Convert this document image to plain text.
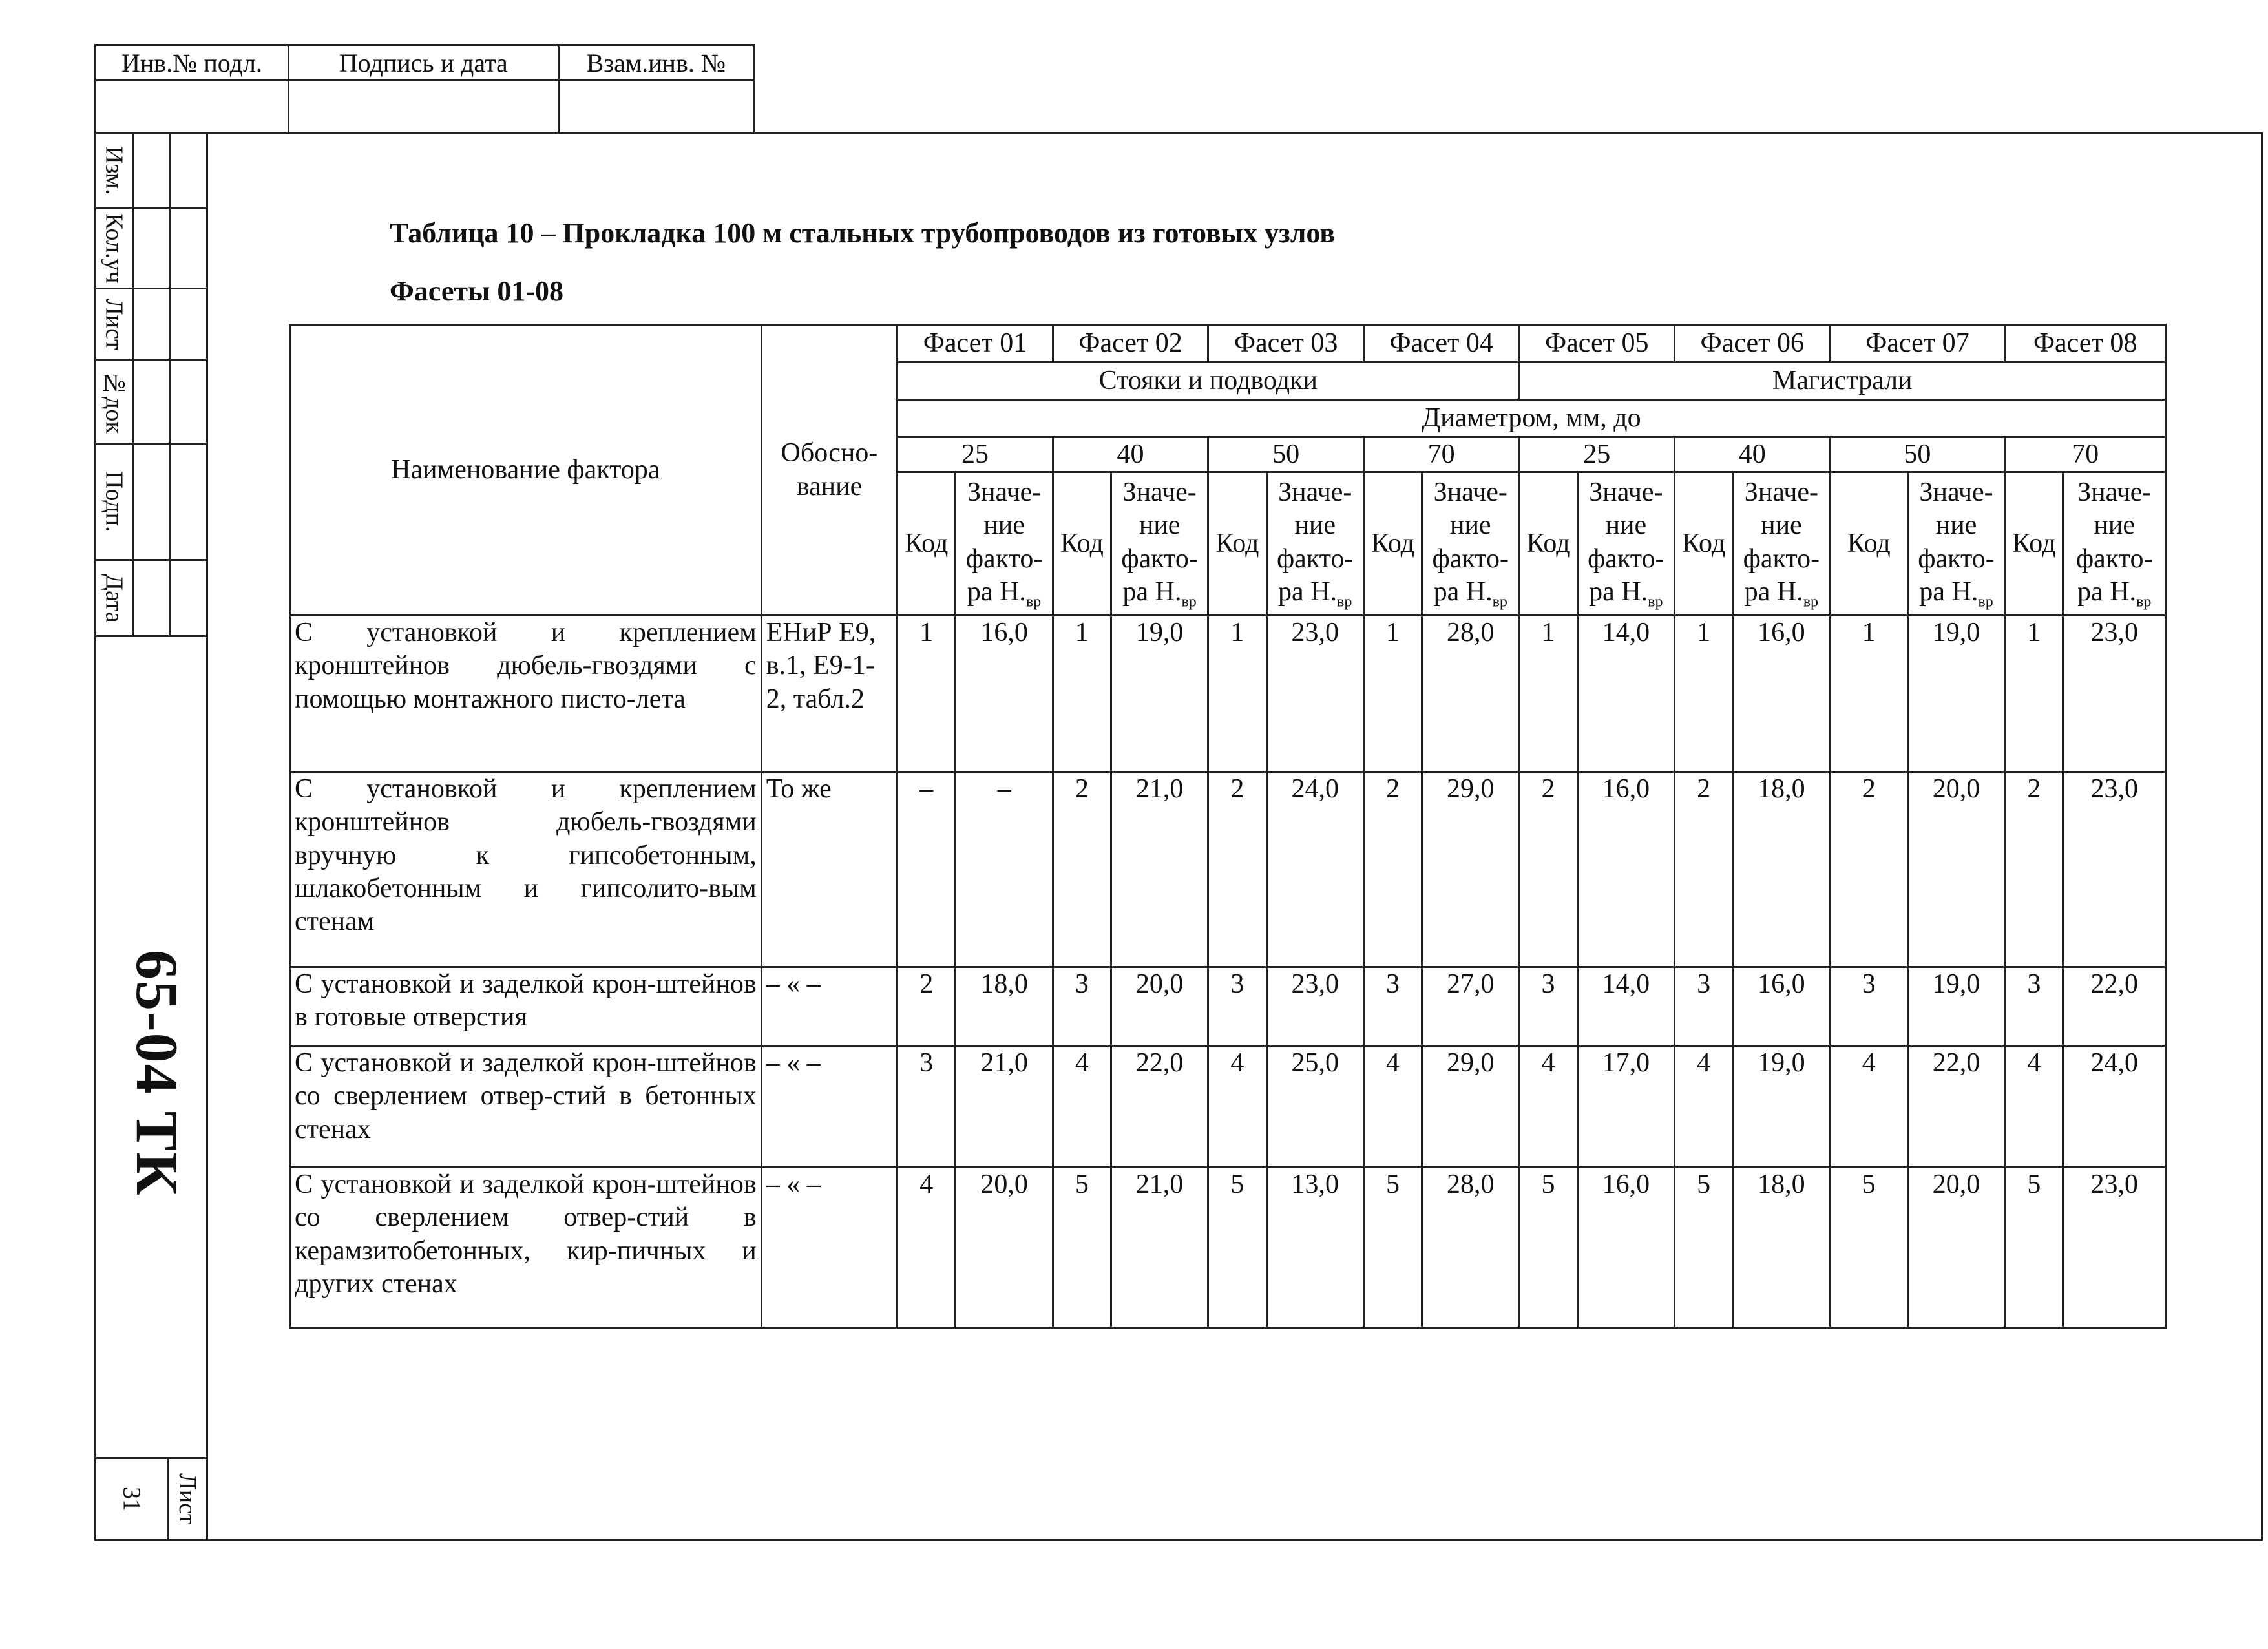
Инв.№ подл.	Подпись и дата	Взам.инв. №

Изм.		

Кол.уч		

Лист		

№док		

Подп.		

Дата		

65-04 ТК
31	Лист
Таблица 10 – Прокладка 100 м стальных трубопроводов из готовых узлов
Фасеты 01-08
Наименование фактора	Обосно-вание	Фасет 01		Фасет 02		Фасет 03		Фасет 04		Фасет 05		Фасет 06		Фасет 07		Фасет 08	
		Стояки и подводки								Магистрали							
		Диаметром, мм, до															
		25		40		50		70		25		40		50		70	
		Код	Значе-ние факто-ра $Н._{вр}$	Код	Значе-ние факто-ра $Н._{вр}$	Код	Значе-ние факто-ра $Н._{вр}$	Код	Значе-ние факто-ра $Н._{вр}$	Код	Значе-ние факто-ра $Н._{вр}$	Код	Значе-ние факто-ра $Н._{вр}$	Код	Значе-ние факто-ра $Н._{вр}$	Код	Значе-ние факто-ра $Н._{вр}$
С установкой и креплением кронштейнов дюбель-гвоздями с помощью монтажного писто-лета	ЕНиР Е9, в.1, Е9-1-2, табл.2	1	16,0	1	19,0	1	23,0	1	28,0	1	14,0	1	16,0	1	19,0	1	23,0
С установкой и креплением кронштейнов дюбель-гвоздями вручную к гипсобетонным, шлакобетонным и гипсолито-вым стенам	То же	–	–	2	21,0	2	24,0	2	29,0	2	16,0	2	18,0	2	20,0	2	23,0
С установкой и заделкой крон-штейнов в готовые отверстия	– « –	2	18,0	3	20,0	3	23,0	3	27,0	3	14,0	3	16,0	3	19,0	3	22,0
С установкой и заделкой крон-штейнов со сверлением отвер-стий в бетонных стенах	– « –	3	21,0	4	22,0	4	25,0	4	29,0	4	17,0	4	19,0	4	22,0	4	24,0
С установкой и заделкой крон-штейнов со сверлением отвер-стий в керамзитобетонных, кир-пичных и других стенах	– « –	4	20,0	5	21,0	5	13,0	5	28,0	5	16,0	5	18,0	5	20,0	5	23,0
